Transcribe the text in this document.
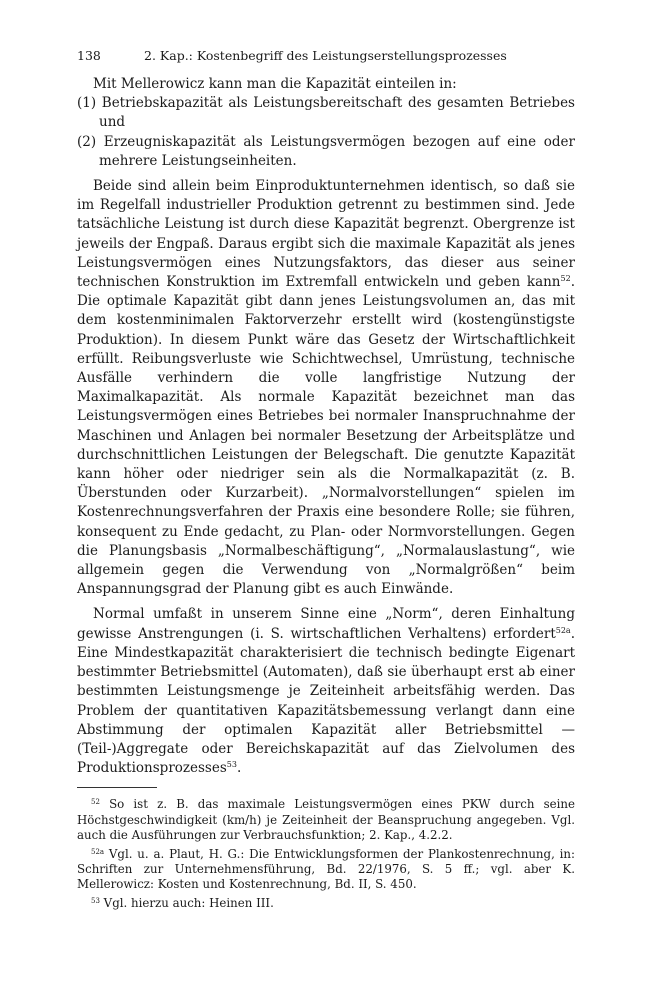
138	2. Kap.: Kostenbegriff des Leistungserstellungsprozesses

Mit Mellerowicz kann man die Kapazität einteilen in:

(1) Betriebskapazität als Leistungsbereitschaft des gesamten Betriebes und

(2) Erzeugniskapazität als Leistungsvermögen bezogen auf eine oder mehrere Leistungseinheiten.

Beide sind allein beim Einproduktunternehmen identisch, so daß sie im Regelfall industrieller Produktion getrennt zu bestimmen sind. Jede tatsächliche Leistung ist durch diese Kapazität begrenzt. Obergrenze ist jeweils der Engpaß. Daraus ergibt sich die maximale Kapazität als jenes Leistungsvermögen eines Nutzungsfaktors, das dieser aus seiner technischen Konstruktion im Extremfall entwickeln und geben kann$^{52}$. Die optimale Kapazität gibt dann jenes Leistungsvolumen an, das mit dem kostenminimalen Faktorverzehr erstellt wird (kostengünstigste Produktion). In diesem Punkt wäre das Gesetz der Wirtschaftlichkeit erfüllt. Reibungsverluste wie Schichtwechsel, Umrüstung, technische Ausfälle verhindern die volle langfristige Nutzung der Maximalkapazität. Als normale Kapazität bezeichnet man das Leistungsvermögen eines Betriebes bei normaler Inanspruchnahme der Maschinen und Anlagen bei normaler Besetzung der Arbeitsplätze und durchschnittlichen Leistungen der Belegschaft. Die genutzte Kapazität kann höher oder niedriger sein als die Normalkapazität (z. B. Überstunden oder Kurzarbeit). „Normalvorstellungen“ spielen im Kostenrechnungsverfahren der Praxis eine besondere Rolle; sie führen, konsequent zu Ende gedacht, zu Plan- oder Normvorstellungen. Gegen die Planungsbasis „Normalbeschäftigung“, „Normalauslastung“, wie allgemein gegen die Verwendung von „Normalgrößen“ beim Anspannungsgrad der Planung gibt es auch Einwände.

Normal umfaßt in unserem Sinne eine „Norm“, deren Einhaltung gewisse Anstrengungen (i. S. wirtschaftlichen Verhaltens) erfordert$^{52a}$. Eine Mindestkapazität charakterisiert die technisch bedingte Eigenart bestimmter Betriebsmittel (Automaten), daß sie überhaupt erst ab einer bestimmten Leistungsmenge je Zeiteinheit arbeitsfähig werden. Das Problem der quantitativen Kapazitätsbemessung verlangt dann eine Abstimmung der optimalen Kapazität aller Betriebsmittel — (Teil-)Aggregate oder Bereichskapazität auf das Zielvolumen des Produktionsprozesses$^{53}$.

$^{52}$ So ist z. B. das maximale Leistungsvermögen eines PKW durch seine Höchstgeschwindigkeit (km/h) je Zeiteinheit der Beanspruchung angegeben. Vgl. auch die Ausführungen zur Verbrauchsfunktion; 2. Kap., 4.2.2.

$^{52a}$ Vgl. u. a. Plaut, H. G.: Die Entwicklungsformen der Plankostenrechnung, in: Schriften zur Unternehmensführung, Bd. 22/1976, S. 5 ff.; vgl. aber K. Mellerowicz: Kosten und Kostenrechnung, Bd. II, S. 450.

$^{53}$ Vgl. hierzu auch: Heinen III.
